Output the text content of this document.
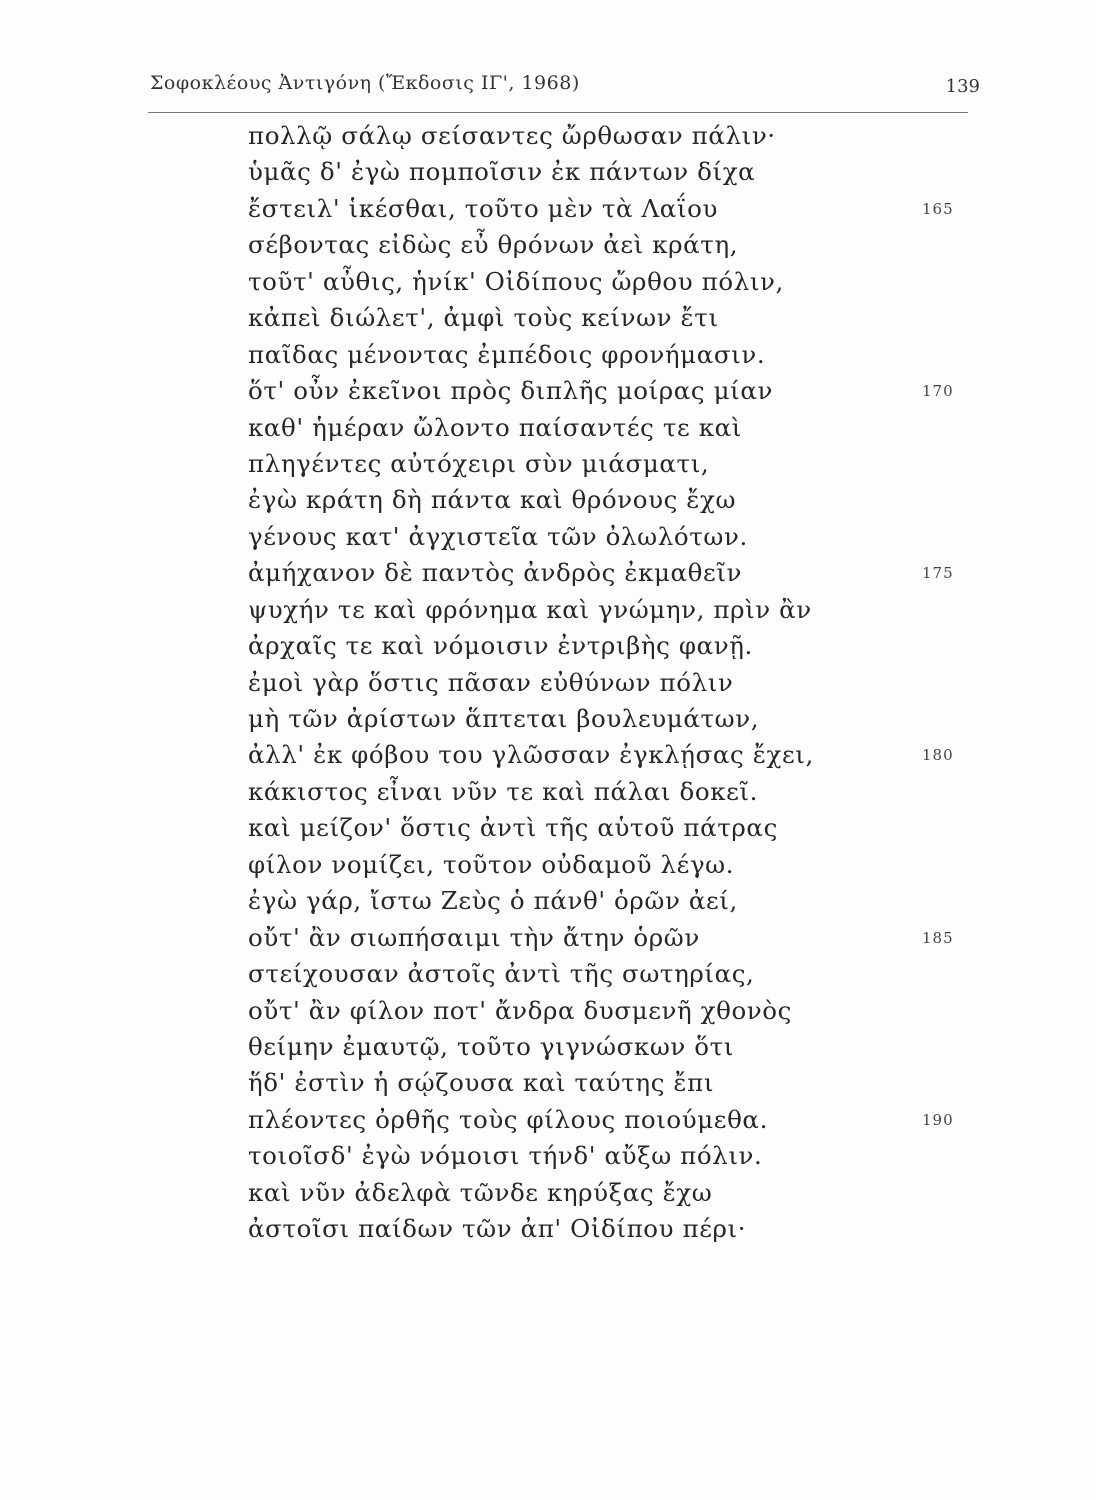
Σοφοκλέους Ἀντιγόνη (Ἔκδοσις ΙΓ', 1968)	139
πολλῷ σάλῳ σείσαντες ὤρθωσαν πάλιν·
ὑμᾶς δ' ἐγὼ πομποῖσιν ἐκ πάντων δίχα
ἔστειλ' ἱκέσθαι, τοῦτο μὲν τὰ Λαΐου	165
σέβοντας εἰδὼς εὖ θρόνων ἀεὶ κράτη,
τοῦτ' αὖθις, ἡνίκ' Οἰδίπους ὤρθου πόλιν,
κἀπεὶ διώλετ', ἀμφὶ τοὺς κείνων ἔτι
παῖδας μένοντας ἐμπέδοις φρονήμασιν.
ὅτ' οὖν ἐκεῖνοι πρὸς διπλῆς μοίρας μίαν	170
καθ' ἡμέραν ὤλοντο παίσαντές τε καὶ
πληγέντες αὐτόχειρι σὺν μιάσματι,
ἐγὼ κράτη δὴ πάντα καὶ θρόνους ἔχω
γένους κατ' ἀγχιστεῖα τῶν ὀλωλότων.
ἀμήχανον δὲ παντὸς ἀνδρὸς ἐκμαθεῖν	175
ψυχήν τε καὶ φρόνημα καὶ γνώμην, πρὶν ἂν
ἀρχαῖς τε καὶ νόμοισιν ἐντριβὴς φανῇ.
ἐμοὶ γὰρ ὅστις πᾶσαν εὐθύνων πόλιν
μὴ τῶν ἀρίστων ἅπτεται βουλευμάτων,
ἀλλ' ἐκ φόβου του γλῶσσαν ἐγκλῄσας ἔχει,	180
κάκιστος εἶναι νῦν τε καὶ πάλαι δοκεῖ.
καὶ μείζον' ὅστις ἀντὶ τῆς αὑτοῦ πάτρας
φίλον νομίζει, τοῦτον οὐδαμοῦ λέγω.
ἐγὼ γάρ, ἴστω Ζεὺς ὁ πάνθ' ὁρῶν ἀεί,
οὔτ' ἂν σιωπήσαιμι τὴν ἄτην ὁρῶν	185
στείχουσαν ἀστοῖς ἀντὶ τῆς σωτηρίας,
οὔτ' ἂν φίλον ποτ' ἄνδρα δυσμενῆ χθονὸς
θείμην ἐμαυτῷ, τοῦτο γιγνώσκων ὅτι
ἥδ' ἐστὶν ἡ σῴζουσα καὶ ταύτης ἔπι
πλέοντες ὀρθῆς τοὺς φίλους ποιούμεθα.	190
τοιοῖσδ' ἐγὼ νόμοισι τήνδ' αὔξω πόλιν.
καὶ νῦν ἀδελφὰ τῶνδε κηρύξας ἔχω
ἀστοῖσι παίδων τῶν ἀπ' Οἰδίπου πέρι·
